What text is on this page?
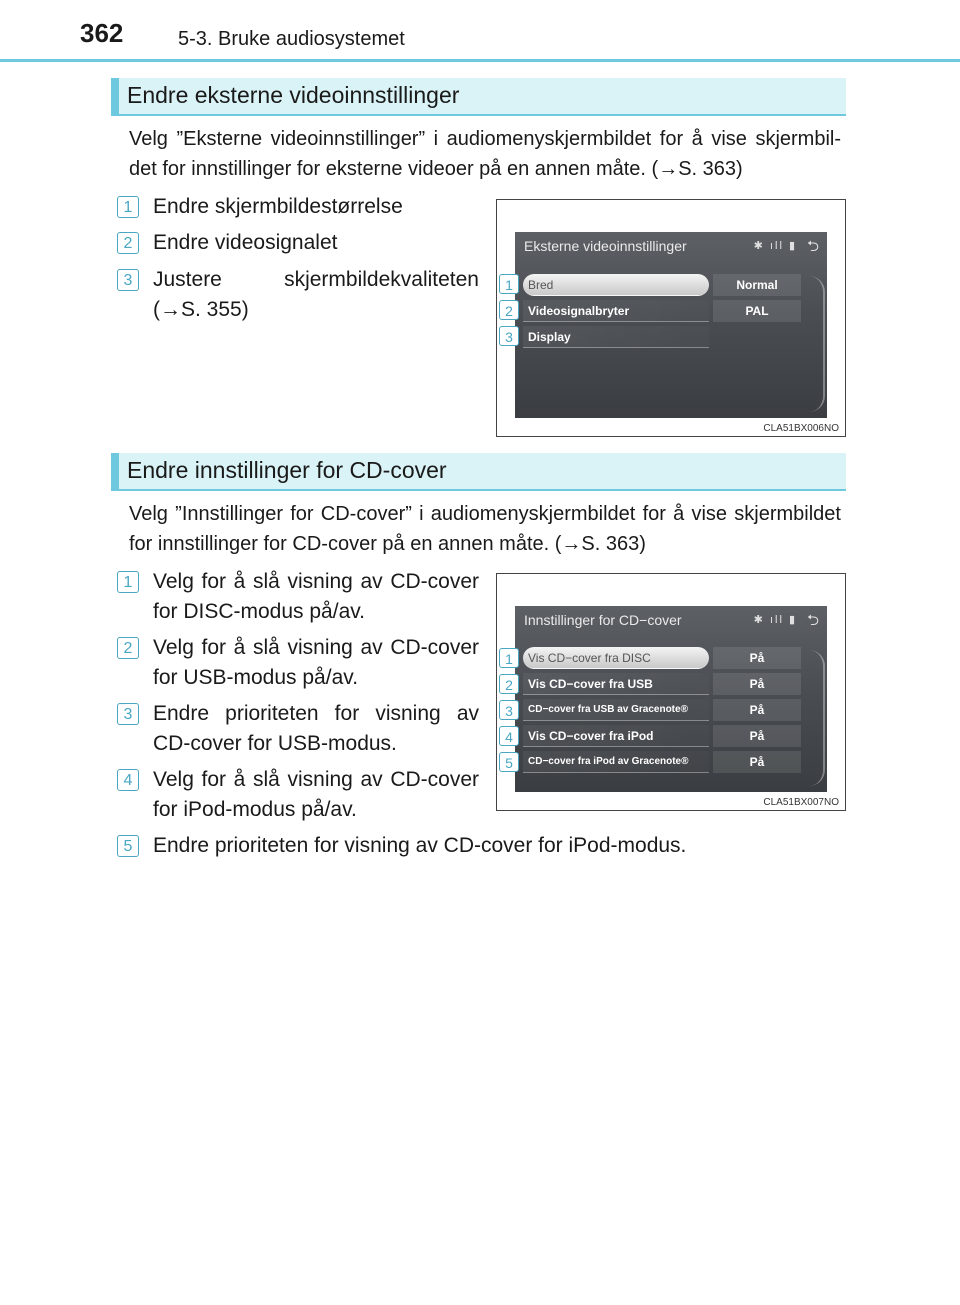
362	5-3. Bruke audiosystemet
Endre eksterne videoinnstillinger
Velg ”Eksterne videoinnstillinger” i audiomenyskjermbildet for å vise skjermbil-det for innstillinger for eksterne videoer på en annen måte. (→S. 363)
1 Endre skjermbildestørrelse
2 Endre videosignalet
3 Justere skjermbildekvaliteten
(→S. 355)
Eksterne videoinnstillinger	✱ ıll ▮ ⮌
Bred	Normal
Videosignalbryter	PAL
Display
1
2
3
CLA51BX006NO
Endre innstillinger for CD-cover
Velg ”Innstillinger for CD-cover” i audiomenyskjermbildet for å vise skjermbildet for innstillinger for CD-cover på en annen måte. (→S. 363)
1 Velg for å slå visning av CD-cover for DISC-modus på/av.
2 Velg for å slå visning av CD-cover for USB-modus på/av.
3 Endre prioriteten for visning av CD-cover for USB-modus.
4 Velg for å slå visning av CD-cover for iPod-modus på/av.
5 Endre prioriteten for visning av CD-cover for iPod-modus.
Innstillinger for CD−cover	✱ ıll ▮ ⮌
Vis CD−cover fra DISC	På
Vis CD−cover fra USB	På
CD−cover fra USB av Gracenote®	På
Vis CD−cover fra iPod	På
CD−cover fra iPod av Gracenote®	På
1
2
3
4
5
CLA51BX007NO
